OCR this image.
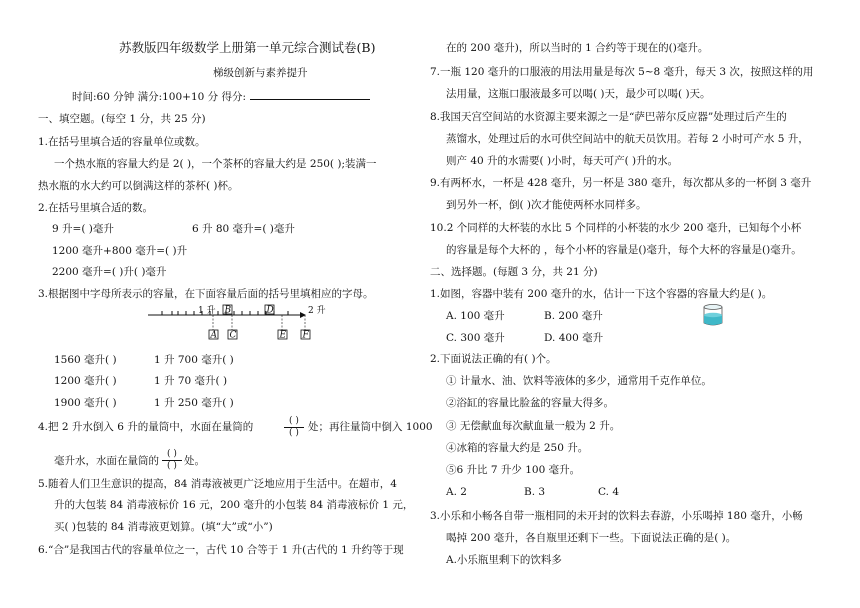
苏教版四年级数学上册第一单元综合测试卷(B)
梯级创新与素养提升
时间:60 分钟 满分:100+10 分 得分:
一、填空题。(每空 1 分，共 25 分)
1.在括号里填合适的容量单位或数。
一个热水瓶的容量大约是 2( )，一个茶杯的容量大约是 250( );装满一
热水瓶的水大约可以倒满这样的茶杯( )杯。
2.在括号里填合适的数。
9 升=( )毫升	6 升 80 毫升=( )毫升
1200 毫升+800 毫升=( )升
2200 毫升=( )升( )毫升
3.根据图中字母所表示的容量，在下面容量后面的括号里填相应的字母。
1 升	2 升
B	D
A C	E F
1560 毫升( )	1 升 700 毫升( )
1200 毫升( )	1 升 70 毫升( )
1900 毫升( )	1 升 250 毫升( )
4.把 2 升水倒入 6 升的量筒中，水面在量筒的	( )
( ) 处；再往量筒中倒入 1000
毫升水，水面在量筒的
( )
( ) 处。
5.随着人们卫生意识的提高，84 消毒液被更广泛地应用于生活中。在超市，4
升的大包装 84 消毒液标价 16 元，200 毫升的小包装 84 消毒液标价 1 元，
买( )包装的 84 消毒液更划算。(填“大”或“小”)
6.“合”是我国古代的容量单位之一，古代 10 合等于 1 升(古代的 1 升约等于现
在的 200 毫升)，所以当时的 1 合约等于现在的()毫升。
7.一瓶 120 毫升的口服液的用法用量是每次 5~8 毫升，每天 3 次，按照这样的用
法用量，这瓶口服液最多可以喝( )天，最少可以喝( )天。
8.我国天宫空间站的水资源主要来源之一是“萨巴蒂尔反应器”处理过后产生的
蒸馏水，处理过后的水可供空间站中的航天员饮用。若每 2 小时可产水 5 升，
则产 40 升的水需要( )小时，每天可产( )升的水。
9.有两杯水，一杯是 428 毫升，另一杯是 380 毫升，每次都从多的一杯倒 3 毫升
到另外一杯，倒( )次才能使两杯水同样多。
10.2 个同样的大杯装的水比 5 个同样的小杯装的水少 200 毫升，已知每个小杯
的容量是每个大杯的 ，每个小杯的容量是()毫升，每个大杯的容量是()毫升。
二、选择题。(每题 3 分，共 21 分)
1.如图，容器中装有 200 毫升的水，估计一下这个容器的容量大约是( )。
A. 100 毫升	B. 200 毫升
C. 300 毫升	D. 400 毫升
2.下面说法正确的有( )个。
① 计量水、油、饮料等液体的多少，通常用千克作单位。
②浴缸的容量比脸盆的容量大得多。
③ 无偿献血每次献血量一般为 2 升。
④冰箱的容量大约是 250 升。
⑤6 升比 7 升少 100 毫升。
A. 2	B. 3	C. 4
3.小乐和小畅各自带一瓶相同的未开封的饮料去春游，小乐喝掉 180 毫升，小畅
喝掉 200 毫升，各自瓶里还剩下一些。下面说法正确的是( )。
A.小乐瓶里剩下的饮料多
